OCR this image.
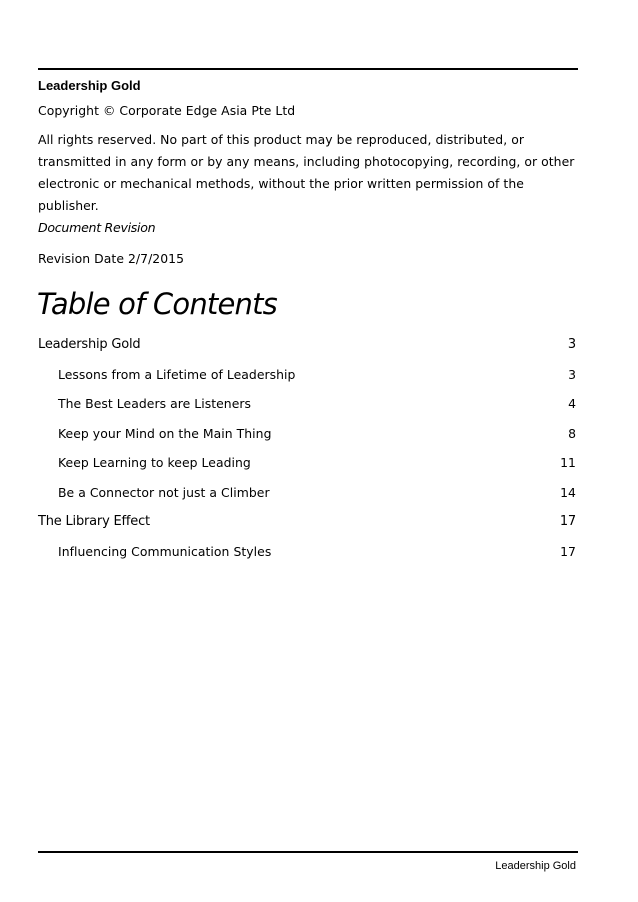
Leadership Gold
Copyright © Corporate Edge Asia Pte Ltd
All rights reserved. No part of this product may be reproduced, distributed, or transmitted in any form or by any means, including photocopying, recording, or other electronic or mechanical methods, without the prior written permission of the publisher.
Document Revision
Revision Date 2/7/2015
Table of Contents
Leadership Gold	3
Lessons from a Lifetime of Leadership	3
The Best Leaders are Listeners	4
Keep your Mind on the Main Thing	8
Keep Learning to keep Leading	11
Be a Connector not just a Climber	14
The Library Effect	17
Influencing Communication Styles	17
Leadership Gold
